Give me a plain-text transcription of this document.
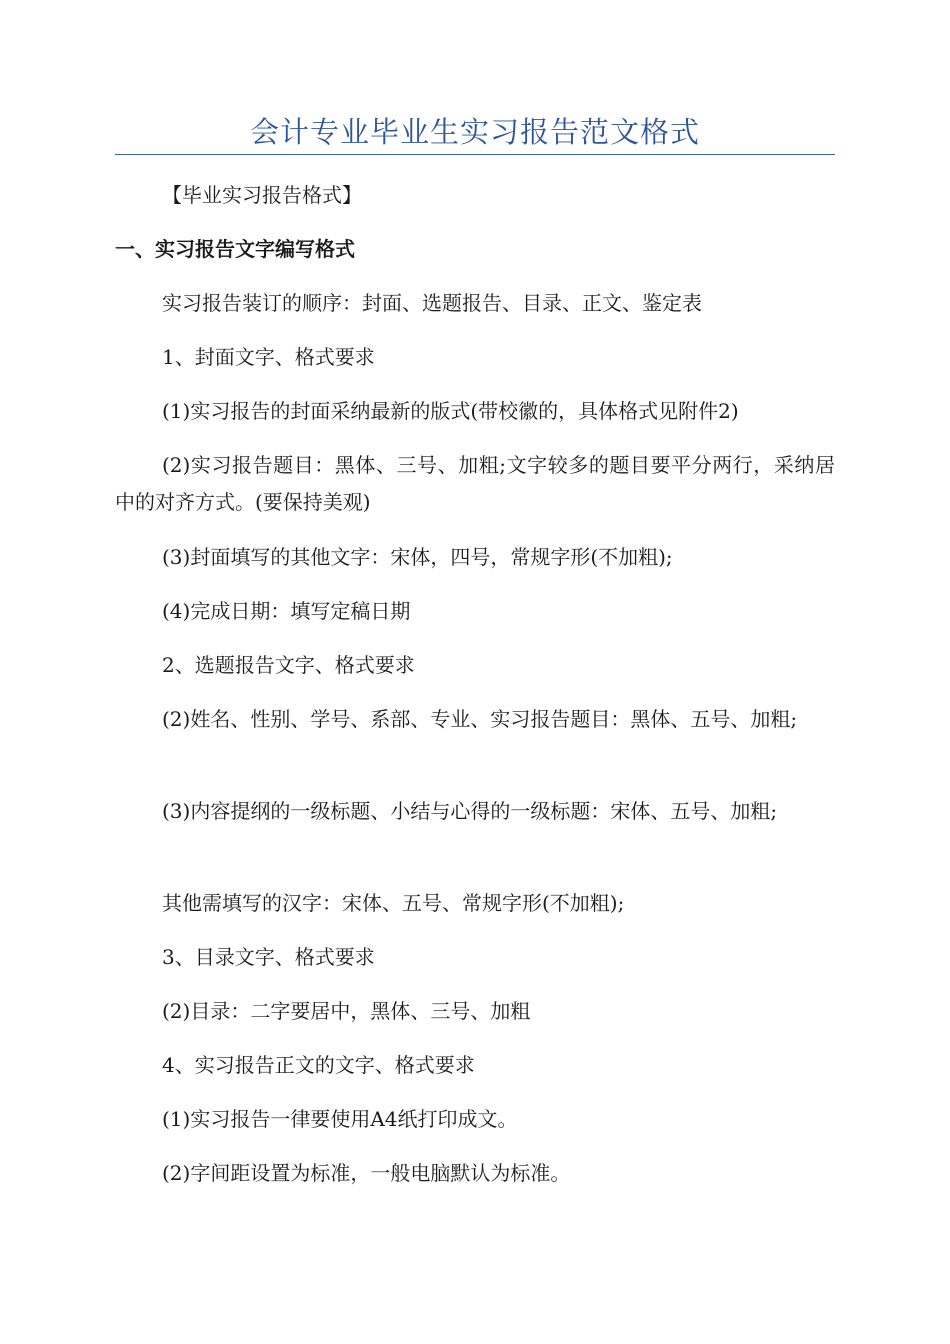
会计专业毕业生实习报告范文格式
【毕业实习报告格式】
一、实习报告文字编写格式
实习报告装订的顺序：封面、选题报告、目录、正文、鉴定表
1、封面文字、格式要求
(1)实习报告的封面采纳最新的版式(带校徽的，具体格式见附件2)
(2)实习报告题目：黑体、三号、加粗;文字较多的题目要平分两行，采纳居中的对齐方式。(要保持美观)
(3)封面填写的其他文字：宋体，四号，常规字形(不加粗);
(4)完成日期：填写定稿日期
2、选题报告文字、格式要求
(2)姓名、性别、学号、系部、专业、实习报告题目：黑体、五号、加粗;
(3)内容提纲的一级标题、小结与心得的一级标题：宋体、五号、加粗;
其他需填写的汉字：宋体、五号、常规字形(不加粗);
3、目录文字、格式要求
(2)目录：二字要居中，黑体、三号、加粗
4、实习报告正文的文字、格式要求
(1)实习报告一律要使用A4纸打印成文。
(2)字间距设置为标准，一般电脑默认为标准。
